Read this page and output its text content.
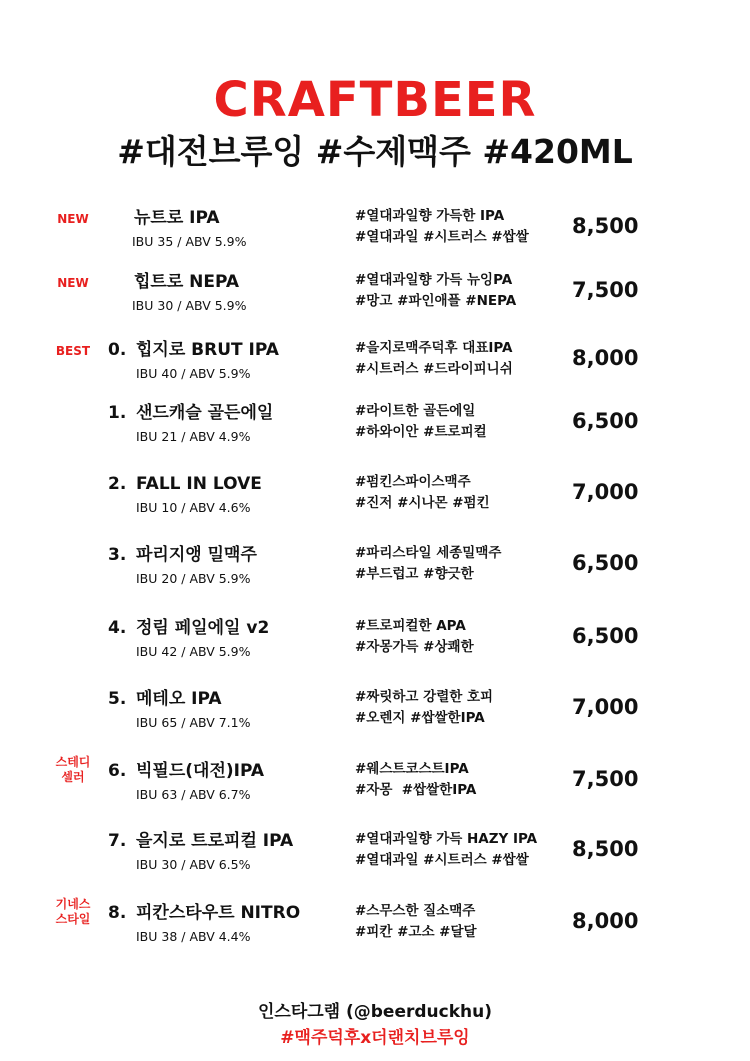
CRAFTBEER
#대전브루잉 #수제맥주 #420ML
NEW	뉴트로 IPA
IBU 35 / ABV 5.9%
#열대과일향 가득한 IPA
#열대과일 #시트러스 #쌉쌀	8,500
NEW	힙트로 NEPA
IBU 30 / ABV 5.9%
#열대과일향 가득 뉴잉PA
#망고 #파인애플 #NEPA	7,500
BEST	0. 힙지로 BRUT IPA
IBU 40 / ABV 5.9%
#을지로맥주덕후 대표IPA
#시트러스 #드라이피니쉬	8,000
1. 샌드캐슬 골든에일
IBU 21 / ABV 4.9%
#라이트한 골든에일
#하와이안 #트로피컬	6,500
2. FALL IN LOVE
IBU 10 / ABV 4.6%
#펌킨스파이스맥주
#진저 #시나몬 #펌킨	7,000
3. 파리지앵 밀맥주
IBU 20 / ABV 5.9%
#파리스타일 세종밀맥주
#부드럽고 #향긋한	6,500
4. 정림 페일에일 v2
IBU 42 / ABV 5.9%
#트로피컬한 APA
#자몽가득 #상쾌한	6,500
5. 메테오 IPA
IBU 65 / ABV 7.1%
#짜릿하고 강렬한 호피
#오렌지 #쌉쌀한IPA	7,000
스테디
셀러	6. 빅필드(대전)IPA
IBU 63 / ABV 6.7%
#웨스트코스트IPA
#자몽  #쌉쌀한IPA	7,500
7. 을지로 트로피컬 IPA
IBU 30 / ABV 6.5%
#열대과일향 가득 HAZY IPA
#열대과일 #시트러스 #쌉쌀	8,500
기네스
스타일	8. 피칸스타우트 NITRO
IBU 38 / ABV 4.4%
#스무스한 질소맥주
#피칸 #고소 #달달	8,000
인스타그램 (@beerduckhu)
#맥주덕후x더랜치브루잉
